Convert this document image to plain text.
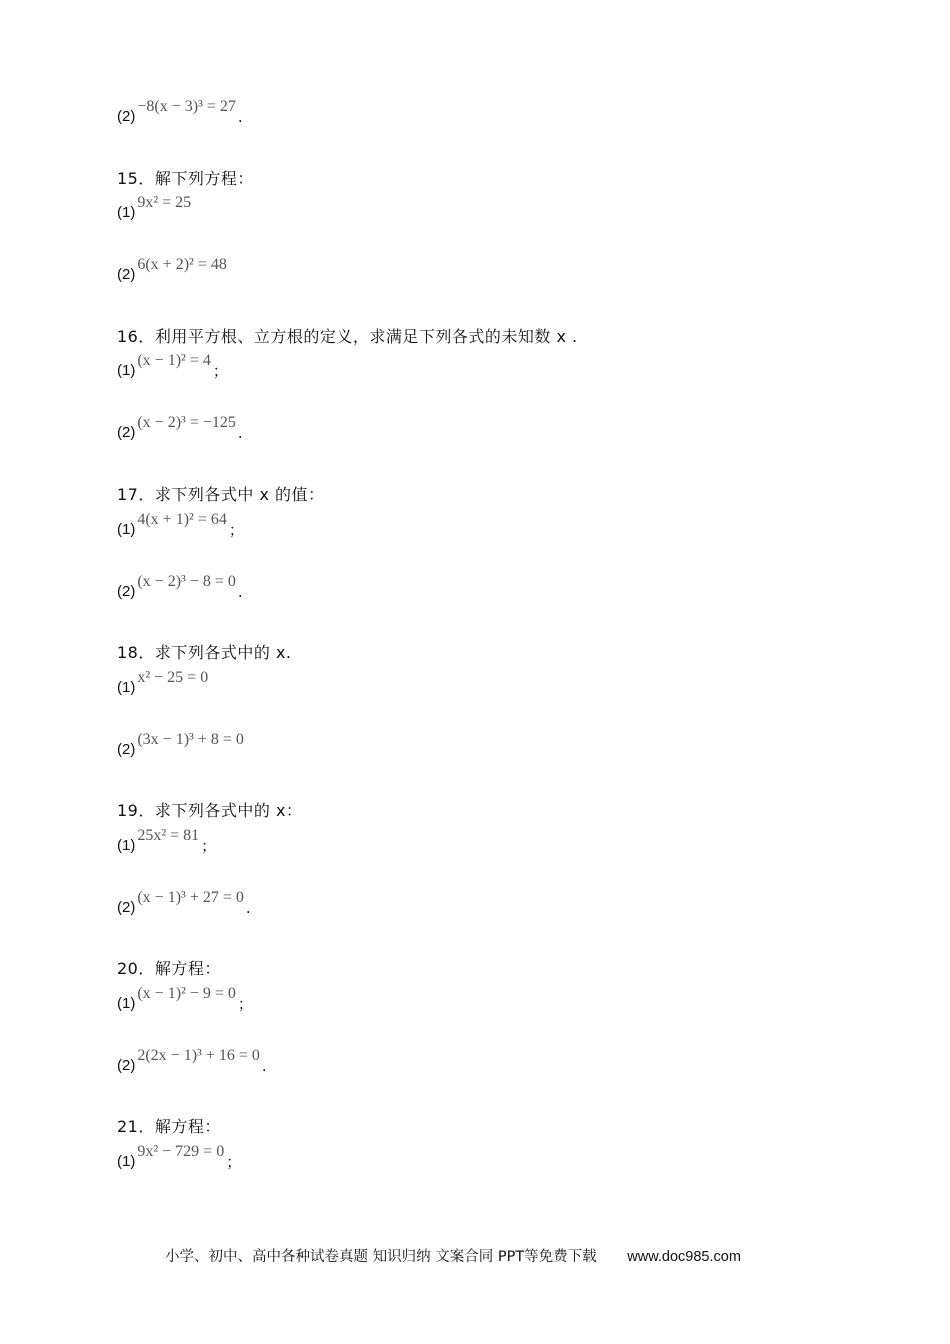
(2)
−8(x − 3)³ = 27
.
15．解下列方程：
(1)
9x² = 25
(2)
6(x + 2)² = 48
16．利用平方根、立方根的定义，求满足下列各式的未知数 x .
(1)
(x − 1)² = 4
；
(2)
(x − 2)³ = −125
.
17．求下列各式中 x 的值：
(1)
4(x + 1)² = 64
；
(2)
(x − 2)³ − 8 = 0
.
18．求下列各式中的 x.
(1)
x² − 25 = 0
(2)
(3x − 1)³ + 8 = 0
19．求下列各式中的 x：
(1)
25x² = 81
；
(2)
(x − 1)³ + 27 = 0
.
20．解方程：
(1)
(x − 1)² − 9 = 0
；
(2)
2(2x − 1)³ + 16 = 0
.
21．解方程：
(1)
9x² − 729 = 0
；
小学、初中、高中各种试卷真题 知识归纳 文案合同 PPT等免费下载 www.doc985.com
